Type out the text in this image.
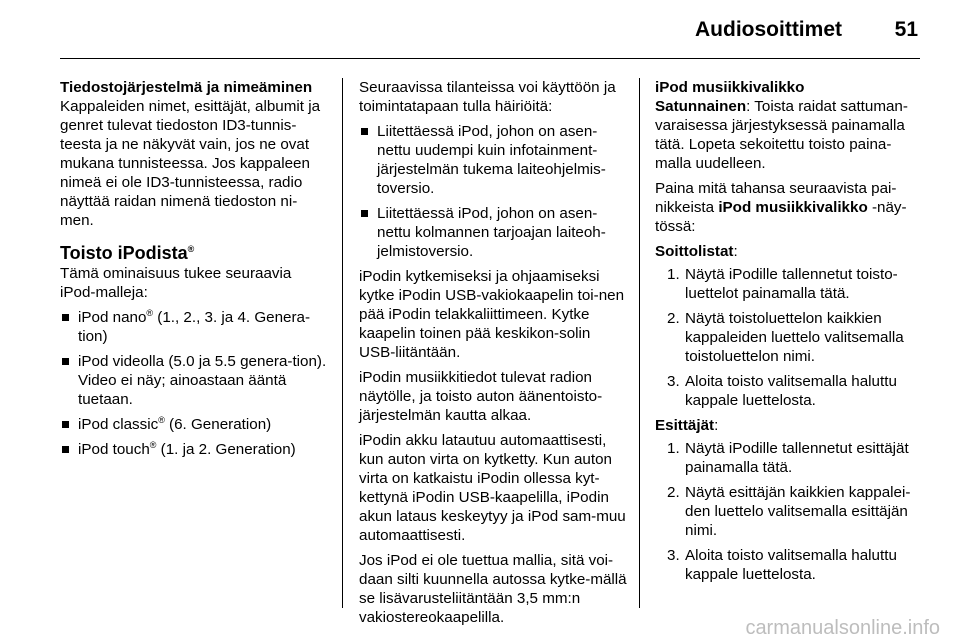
Audiosoittimet	51

Tiedostojärjestelmä ja nimeäminen

Kappaleiden nimet, esittäjät, albumit ja genret tulevat tiedoston ID3-tunnis-teesta ja ne näkyvät vain, jos ne ovat mukana tunnisteessa. Jos kappaleen nimeä ei ole ID3-tunnisteessa, radio näyttää raidan nimenä tiedoston ni-men.

Toisto iPodista®

Tämä ominaisuus tukee seuraavia iPod-malleja:

iPod nano® (1., 2., 3. ja 4. Genera-tion)
iPod videolla (5.0 ja 5.5 genera-tion). Video ei näy; ainoastaan ääntä tuetaan.
iPod classic® (6. Generation)
iPod touch® (1. ja 2. Generation)

Seuraavissa tilanteissa voi käyttöön ja toimintatapaan tulla häiriöitä:

Liitettäessä iPod, johon on asen-nettu uudempi kuin infotainment-järjestelmän tukema laiteohjelmis-toversio.
Liitettäessä iPod, johon on asen-nettu kolmannen tarjoajan laiteoh-jelmistoversio.

iPodin kytkemiseksi ja ohjaamiseksi kytke iPodin USB-vakiokaapelin toi-nen pää iPodin telakkaliittimeen. Kytke kaapelin toinen pää keskikon-solin USB-liitäntään.

iPodin musiikkitiedot tulevat radion näytölle, ja toisto auton äänentoisto-järjestelmän kautta alkaa.

iPodin akku latautuu automaattisesti, kun auton virta on kytketty. Kun auton virta on katkaistu iPodin ollessa kyt-kettynä iPodin USB-kaapelilla, iPodin akun lataus keskeytyy ja iPod sam-muu automaattisesti.

Jos iPod ei ole tuettua mallia, sitä voi-daan silti kuunnella autossa kytke-mällä se lisävarusteliitäntään 3,5 mm:n vakiostereokaapelilla.

iPod musiikkivalikko

Satunnainen: Toista raidat sattuman-varaisessa järjestyksessä painamalla tätä. Lopeta sekoitettu toisto paina-malla uudelleen.

Paina mitä tahansa seuraavista pai-nikkeista iPod musiikkivalikko -näy-tössä:

Soittolistat:

1. Näytä iPodille tallennetut toisto-luettelot painamalla tätä.
2. Näytä toistoluettelon kaikkien kappaleiden luettelo valitsemalla toistoluettelon nimi.
3. Aloita toisto valitsemalla haluttu kappale luettelosta.

Esittäjät:

1. Näytä iPodille tallennetut esittäjät painamalla tätä.
2. Näytä esittäjän kaikkien kappalei-den luettelo valitsemalla esittäjän nimi.
3. Aloita toisto valitsemalla haluttu kappale luettelosta.
carmanualsonline.info
